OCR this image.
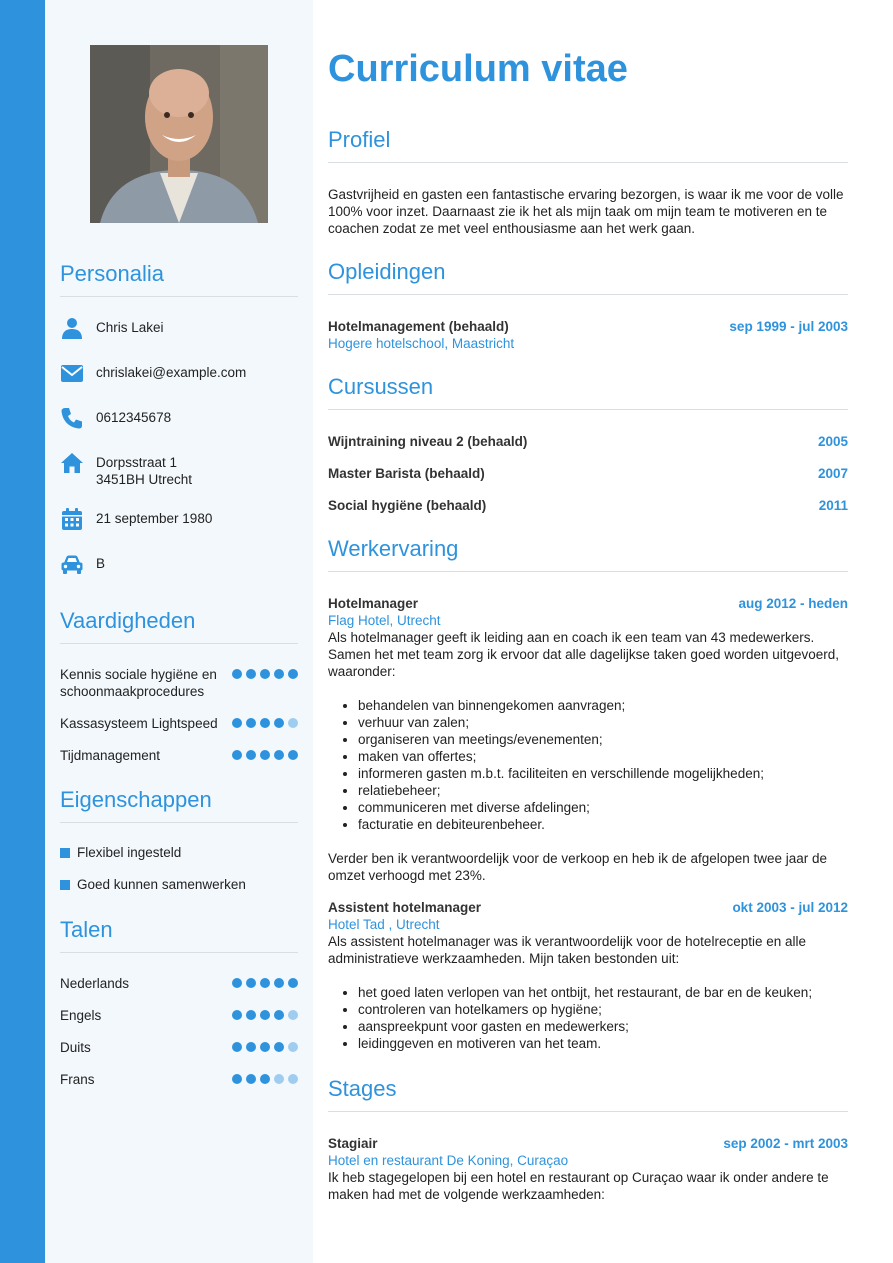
Personalia
Chris Lakei
chrislakei@example.com
0612345678
Dorpsstraat 1
3451BH Utrecht
21 september 1980
B
Vaardigheden
Kennis sociale hygiëne en schoonmaakprocedures
Kassasysteem Lightspeed
Tijdmanagement
Eigenschappen
Flexibel ingesteld
Goed kunnen samenwerken
Talen
Nederlands
Engels
Duits
Frans
Curriculum vitae
Profiel

Gastvrijheid en gasten een fantastische ervaring bezorgen, is waar ik me voor de volle 100% voor inzet. Daarnaast zie ik het als mijn taak om mijn team te motiveren en te coachen zodat ze met veel enthousiasme aan het werk gaan.

Opleidingen
Hotelmanagement (behaald)	sep 1999 - jul 2003
Hogere hotelschool, Maastricht
Cursussen
Wijntraining niveau 2 (behaald)	2005
Master Barista (behaald)	2007
Social hygiëne (behaald)	2011
Werkervaring
Hotelmanager	aug 2012 - heden
Flag Hotel, Utrecht

Als hotelmanager geeft ik leiding aan en coach ik een team van 43 medewerkers. Samen het met team zorg ik ervoor dat alle dagelijkse taken goed worden uitgevoerd, waaronder:

• behandelen van binnengekomen aanvragen;
• verhuur van zalen;
• organiseren van meetings/evenementen;
• maken van offertes;
• informeren gasten m.b.t. faciliteiten en verschillende mogelijkheden;
• relatiebeheer;
• communiceren met diverse afdelingen;
• facturatie en debiteurenbeheer.

Verder ben ik verantwoordelijk voor de verkoop en heb ik de afgelopen twee jaar de omzet verhoogd met 23%.

Assistent hotelmanager	okt 2003 - jul 2012
Hotel Tad , Utrecht

Als assistent hotelmanager was ik verantwoordelijk voor de hotelreceptie en alle administratieve werkzaamheden. Mijn taken bestonden uit:

• het goed laten verlopen van het ontbijt, het restaurant, de bar en de keuken;
• controleren van hotelkamers op hygiëne;
• aanspreekpunt voor gasten en medewerkers;
• leidinggeven en motiveren van het team.
Stages
Stagiair	sep 2002 - mrt 2003
Hotel en restaurant De Koning, Curaçao

Ik heb stagegelopen bij een hotel en restaurant op Curaçao waar ik onder andere te maken had met de volgende werkzaamheden:
